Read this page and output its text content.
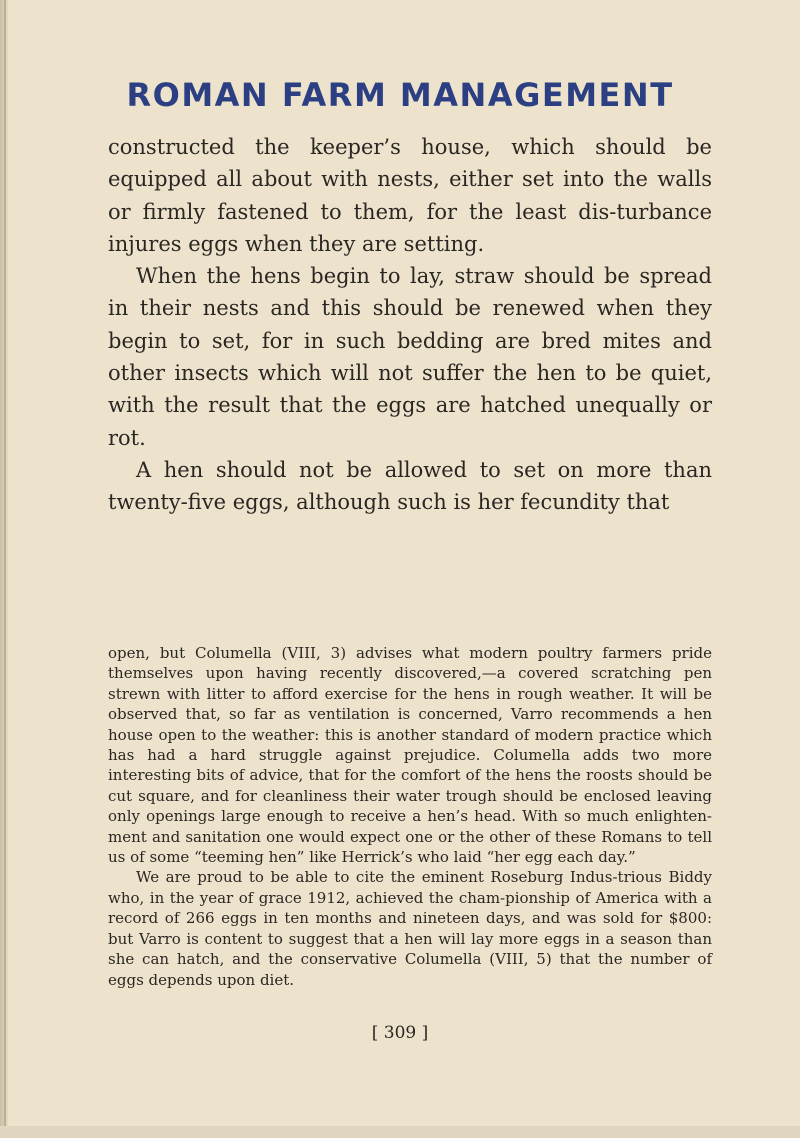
ROMAN FARM MANAGEMENT

constructed the keeper’s house, which should be equipped all about with nests, either set into the walls or firmly fastened to them, for the least dis-turbance injures eggs when they are setting.

When the hens begin to lay, straw should be spread in their nests and this should be renewed when they begin to set, for in such bedding are bred mites and other insects which will not suffer the hen to be quiet, with the result that the eggs are hatched unequally or rot.

A hen should not be allowed to set on more than twenty-five eggs, although such is her fecundity that

open, but Columella (VIII, 3) advises what modern poultry farmers pride themselves upon having recently discovered,—a covered scratching pen strewn with litter to afford exercise for the hens in rough weather. It will be observed that, so far as ventilation is concerned, Varro recommends a hen house open to the weather: this is another standard of modern practice which has had a hard struggle against prejudice. Columella adds two more interesting bits of advice, that for the comfort of the hens the roosts should be cut square, and for cleanliness their water trough should be enclosed leaving only openings large enough to receive a hen’s head. With so much enlighten-ment and sanitation one would expect one or the other of these Romans to tell us of some “teeming hen” like Herrick’s who laid “her egg each day.”

We are proud to be able to cite the eminent Roseburg Indus-trious Biddy who, in the year of grace 1912, achieved the cham-pionship of America with a record of 266 eggs in ten months and nineteen days, and was sold for $800: but Varro is content to suggest that a hen will lay more eggs in a season than she can hatch, and the conservative Columella (VIII, 5) that the number of eggs depends upon diet.

[ 309 ]
